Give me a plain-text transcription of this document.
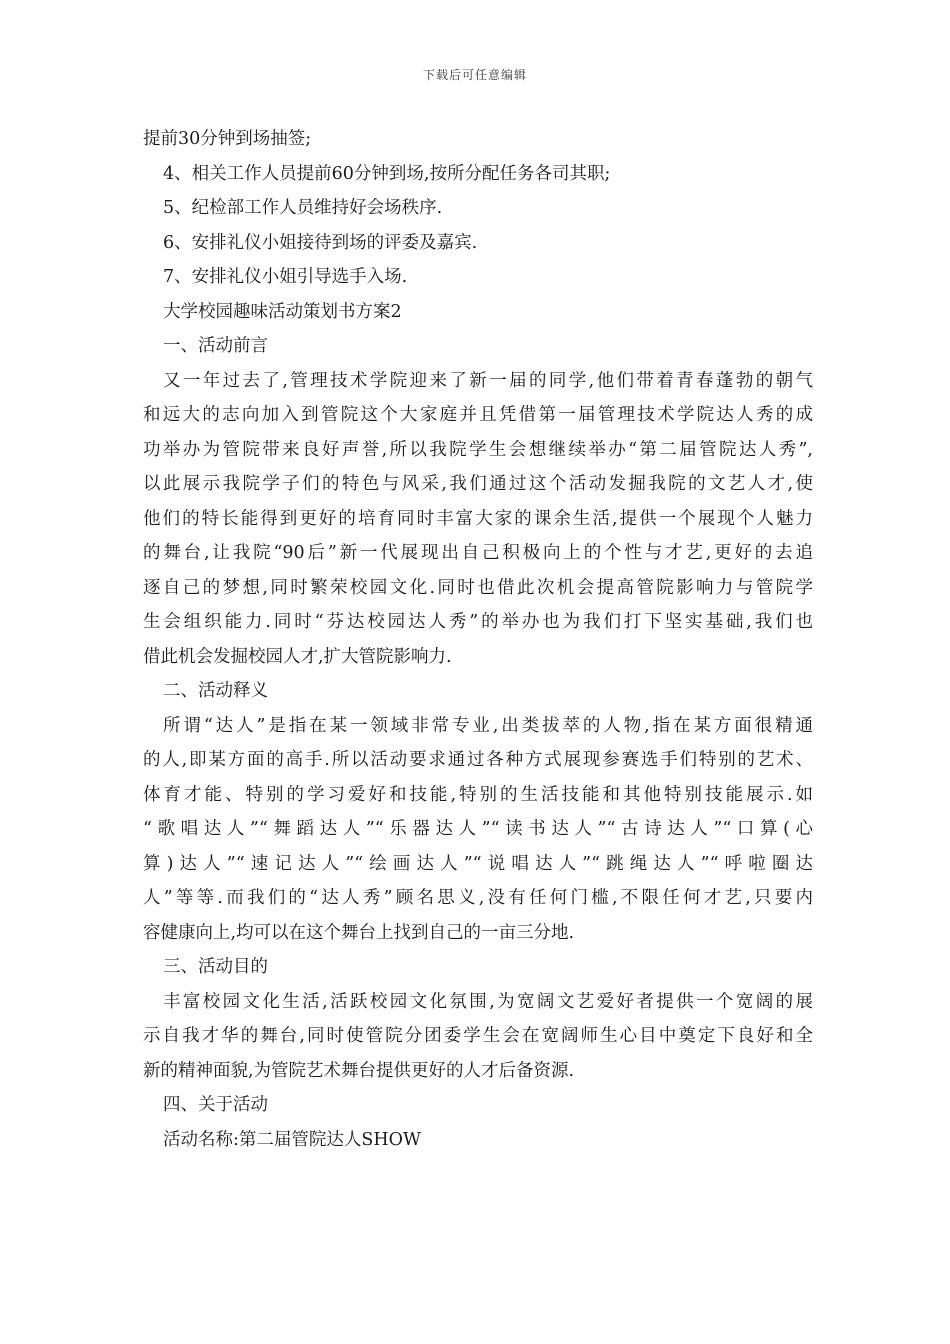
下载后可任意编辑
提前30分钟到场抽签;
4、相关工作人员提前60分钟到场,按所分配任务各司其职;
5、纪检部工作人员维持好会场秩序.
6、安排礼仪小姐接待到场的评委及嘉宾.
7、安排礼仪小姐引导选手入场.
大学校园趣味活动策划书方案2
一、活动前言
又一年过去了,管理技术学院迎来了新一届的同学,他们带着青春蓬勃的朝气
和远大的志向加入到管院这个大家庭并且凭借第一届管理技术学院达人秀的成
功举办为管院带来良好声誉,所以我院学生会想继续举办“第二届管院达人秀”,
以此展示我院学子们的特色与风采,我们通过这个活动发掘我院的文艺人才,使
他们的特长能得到更好的培育同时丰富大家的课余生活,提供一个展现个人魅力
的舞台,让我院“90后”新一代展现出自己积极向上的个性与才艺,更好的去追
逐自己的梦想,同时繁荣校园文化.同时也借此次机会提高管院影响力与管院学
生会组织能力.同时“芬达校园达人秀”的举办也为我们打下坚实基础,我们也
借此机会发掘校园人才,扩大管院影响力.
二、活动释义
所谓“达人”是指在某一领域非常专业,出类拔萃的人物,指在某方面很精通
的人,即某方面的高手.所以活动要求通过各种方式展现参赛选手们特别的艺术、
体育才能、特别的学习爱好和技能,特别的生活技能和其他特别技能展示.如
“歌唱达人”“舞蹈达人”“乐器达人”“读书达人”“古诗达人”“口算(心
算)达人”“速记达人”“绘画达人”“说唱达人”“跳绳达人”“呼啦圈达
人”等等.而我们的“达人秀”顾名思义,没有任何门槛,不限任何才艺,只要内
容健康向上,均可以在这个舞台上找到自己的一亩三分地.
三、活动目的
丰富校园文化生活,活跃校园文化氛围,为宽阔文艺爱好者提供一个宽阔的展
示自我才华的舞台,同时使管院分团委学生会在宽阔师生心目中奠定下良好和全
新的精神面貌,为管院艺术舞台提供更好的人才后备资源.
四、关于活动
活动名称:第二届管院达人SHOW
